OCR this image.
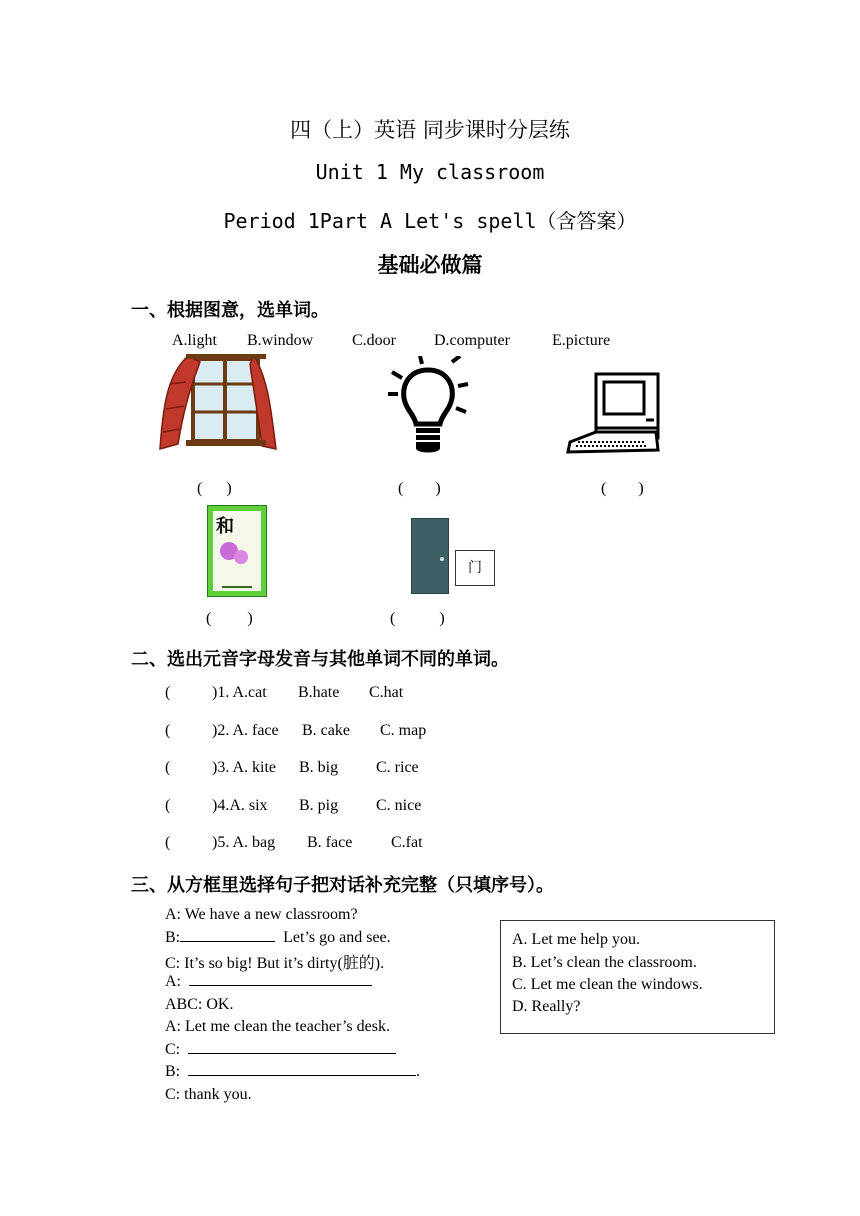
四（上）英语 同步课时分层练
Unit 1 My classroom
Period 1Part A Let's spell（含答案）
基础必做篇
一、根据图意，选单词。
A.light B.window C.door D.computer	E.picture
(      )	(        )	(        )
和
门
(         )	(           )
二、选出元音字母发音与其他单词不同的单词。
(	)1. A.cat B.hate C.hat
(	)2. A. face B. cake C. map
(	)3. A. kite B. big C. rice
(	)4.A. six B. pig C. nice
(	)5. A. bag B. face C.fat
三、从方框里选择句子把对话补充完整（只填序号）。
A: We have a new classroom?
B:	Let’s go and see.
C: It’s so big! But it’s dirty(脏的).
A:
ABC: OK.
A: Let me clean the teacher’s desk.
C:
B:	.
C: thank you.
A. Let me help you.
B. Let’s clean the classroom.
C. Let me clean the windows.
D. Really?
